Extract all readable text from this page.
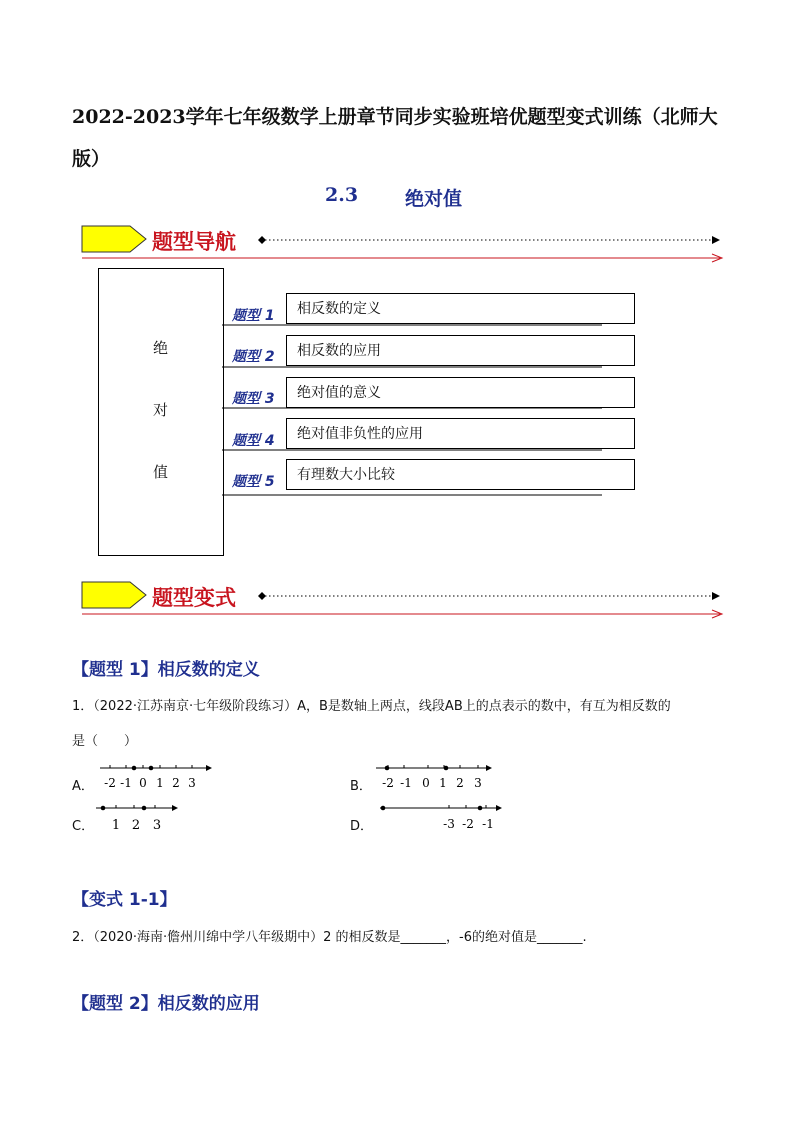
2022-2023学年七年级数学上册章节同步实验班培优题型变式训练（北师大版）
2.3 绝对值
题型导航
绝
对
值
题型 1	相反数的定义
题型 2	相反数的应用
题型 3	绝对值的意义
题型 4	绝对值非负性的应用
题型 5	有理数大小比较
题型变式
【题型 1】相反数的定义
1．（2022·江苏南京·七年级阶段练习）A，B是数轴上两点，线段AB上的点表示的数中，有互为相反数的
是（　　）
A． -2 -1 0 1 2 3	B． -2 -1 0 1 2 3
C． 1 2 3	D．	-3 -2 -1
【变式 1-1】
2．（2020·海南·儋州川绵中学八年级期中）2 的相反数是_______，-6的绝对值是_______.
【题型 2】相反数的应用
